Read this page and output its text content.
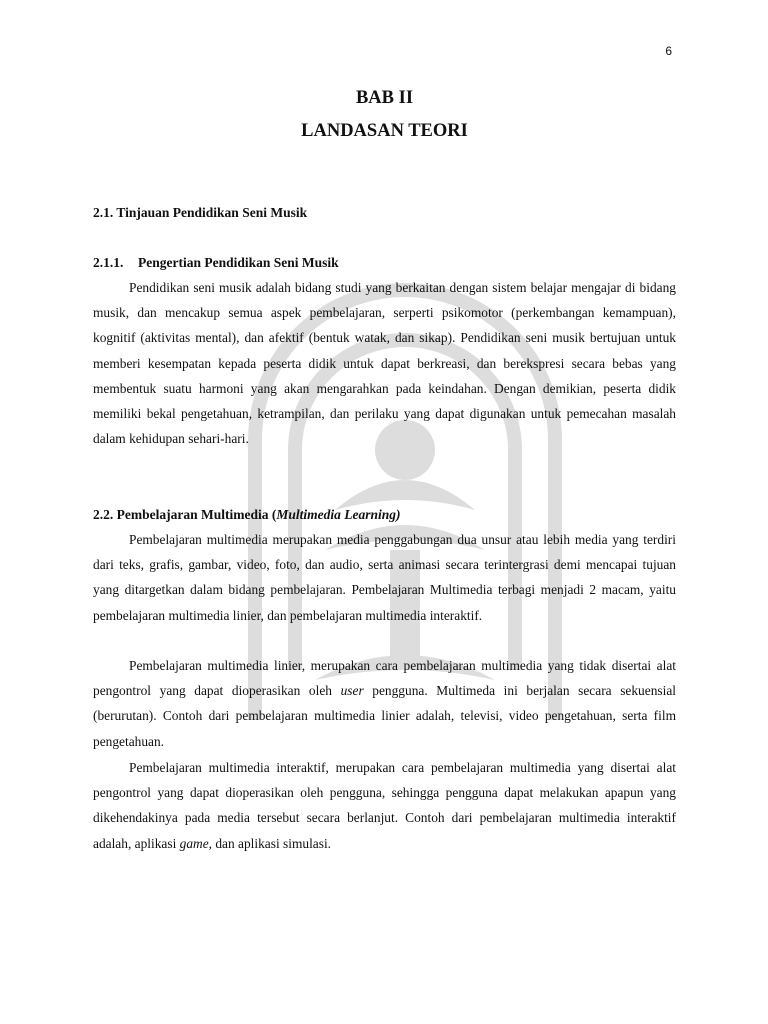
6
BAB II
LANDASAN TEORI
2.1. Tinjauan Pendidikan Seni Musik
2.1.1. Pengertian Pendidikan Seni Musik

Pendidikan seni musik adalah bidang studi yang berkaitan dengan sistem belajar mengajar di bidang musik, dan mencakup semua aspek pembelajaran, serperti psikomotor (perkembangan kemampuan), kognitif (aktivitas mental), dan afektif (bentuk watak, dan sikap). Pendidikan seni musik bertujuan untuk memberi kesempatan kepada peserta didik untuk dapat berkreasi, dan berekspresi secara bebas yang membentuk suatu harmoni yang akan mengarahkan pada keindahan. Dengan demikian, peserta didik memiliki bekal pengetahuan, ketrampilan, dan perilaku yang dapat digunakan untuk pemecahan masalah dalam kehidupan sehari-hari.

2.2. Pembelajaran Multimedia (Multimedia Learning)

Pembelajaran multimedia merupakan media penggabungan dua unsur atau lebih media yang terdiri dari teks, grafis, gambar, video, foto, dan audio, serta animasi secara terintergrasi demi mencapai tujuan yang ditargetkan dalam bidang pembelajaran. Pembelajaran Multimedia terbagi menjadi 2 macam, yaitu pembelajaran multimedia linier, dan pembelajaran multimedia interaktif.

Pembelajaran multimedia linier, merupakan cara pembelajaran multimedia yang tidak disertai alat pengontrol yang dapat dioperasikan oleh user pengguna. Multimeda ini berjalan secara sekuensial (berurutan). Contoh dari pembelajaran multimedia linier adalah, televisi, video pengetahuan, serta film pengetahuan.

Pembelajaran multimedia interaktif, merupakan cara pembelajaran multimedia yang disertai alat pengontrol yang dapat dioperasikan oleh pengguna, sehingga pengguna dapat melakukan apapun yang dikehendakinya pada media tersebut secara berlanjut. Contoh dari pembelajaran multimedia interaktif adalah, aplikasi game, dan aplikasi simulasi.
